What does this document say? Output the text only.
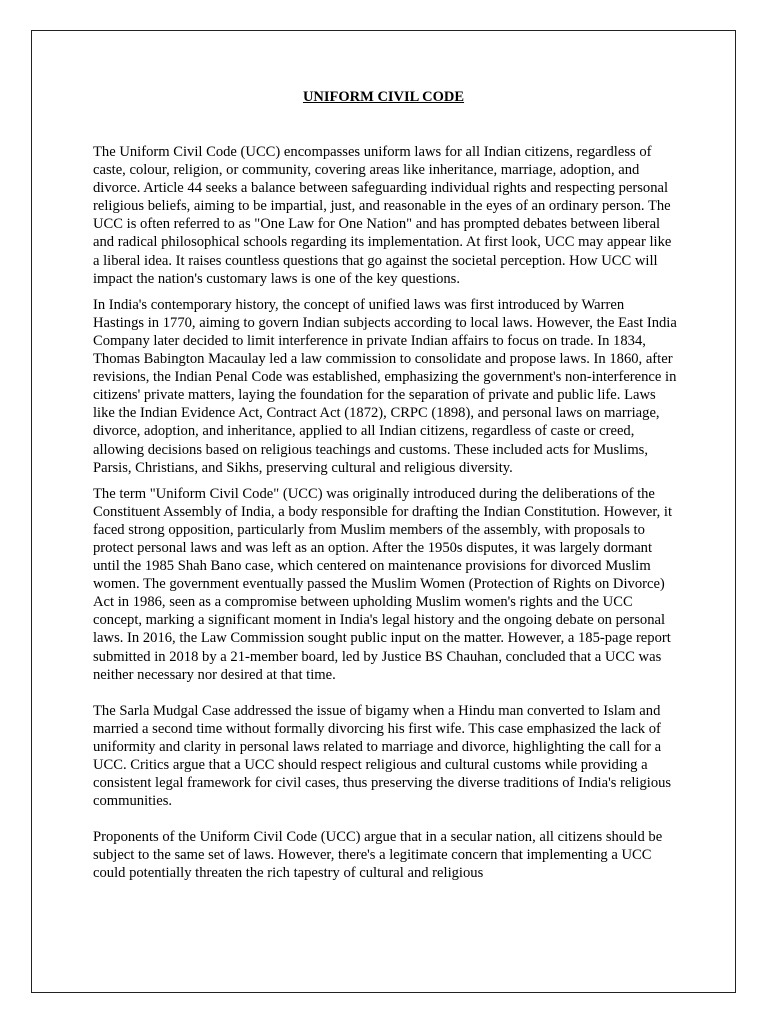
UNIFORM CIVIL CODE

The Uniform Civil Code (UCC) encompasses uniform laws for all Indian citizens, regardless of caste, colour, religion, or community, covering areas like inheritance, marriage, adoption, and divorce. Article 44 seeks a balance between safeguarding individual rights and respecting personal religious beliefs, aiming to be impartial, just, and reasonable in the eyes of an ordinary person. The UCC is often referred to as "One Law for One Nation" and has prompted debates between liberal and radical philosophical schools regarding its implementation. At first look, UCC may appear like a liberal idea. It raises countless questions that go against the societal perception. How UCC will impact the nation's customary laws is one of the key questions.

In India's contemporary history, the concept of unified laws was first introduced by Warren Hastings in 1770, aiming to govern Indian subjects according to local laws. However, the East India Company later decided to limit interference in private Indian affairs to focus on trade. In 1834, Thomas Babington Macaulay led a law commission to consolidate and propose laws. In 1860, after revisions, the Indian Penal Code was established, emphasizing the government's non-interference in citizens' private matters, laying the foundation for the separation of private and public life. Laws like the Indian Evidence Act, Contract Act (1872), CRPC (1898), and personal laws on marriage, divorce, adoption, and inheritance, applied to all Indian citizens, regardless of caste or creed, allowing decisions based on religious teachings and customs. These included acts for Muslims, Parsis, Christians, and Sikhs, preserving cultural and religious diversity.

The term "Uniform Civil Code" (UCC) was originally introduced during the deliberations of the Constituent Assembly of India, a body responsible for drafting the Indian Constitution. However, it faced strong opposition, particularly from Muslim members of the assembly, with proposals to protect personal laws and was left as an option. After the 1950s disputes, it was largely dormant until the 1985 Shah Bano case, which centered on maintenance provisions for divorced Muslim women. The government eventually passed the Muslim Women (Protection of Rights on Divorce) Act in 1986, seen as a compromise between upholding Muslim women's rights and the UCC concept, marking a significant moment in India's legal history and the ongoing debate on personal laws. In 2016, the Law Commission sought public input on the matter. However, a 185-page report submitted in 2018 by a 21-member board, led by Justice BS Chauhan, concluded that a UCC was neither necessary nor desired at that time.

The Sarla Mudgal Case addressed the issue of bigamy when a Hindu man converted to Islam and married a second time without formally divorcing his first wife. This case emphasized the lack of uniformity and clarity in personal laws related to marriage and divorce, highlighting the call for a UCC. Critics argue that a UCC should respect religious and cultural customs while providing a consistent legal framework for civil cases, thus preserving the diverse traditions of India's religious communities.

Proponents of the Uniform Civil Code (UCC) argue that in a secular nation, all citizens should be subject to the same set of laws. However, there's a legitimate concern that implementing a UCC could potentially threaten the rich tapestry of cultural and religious
